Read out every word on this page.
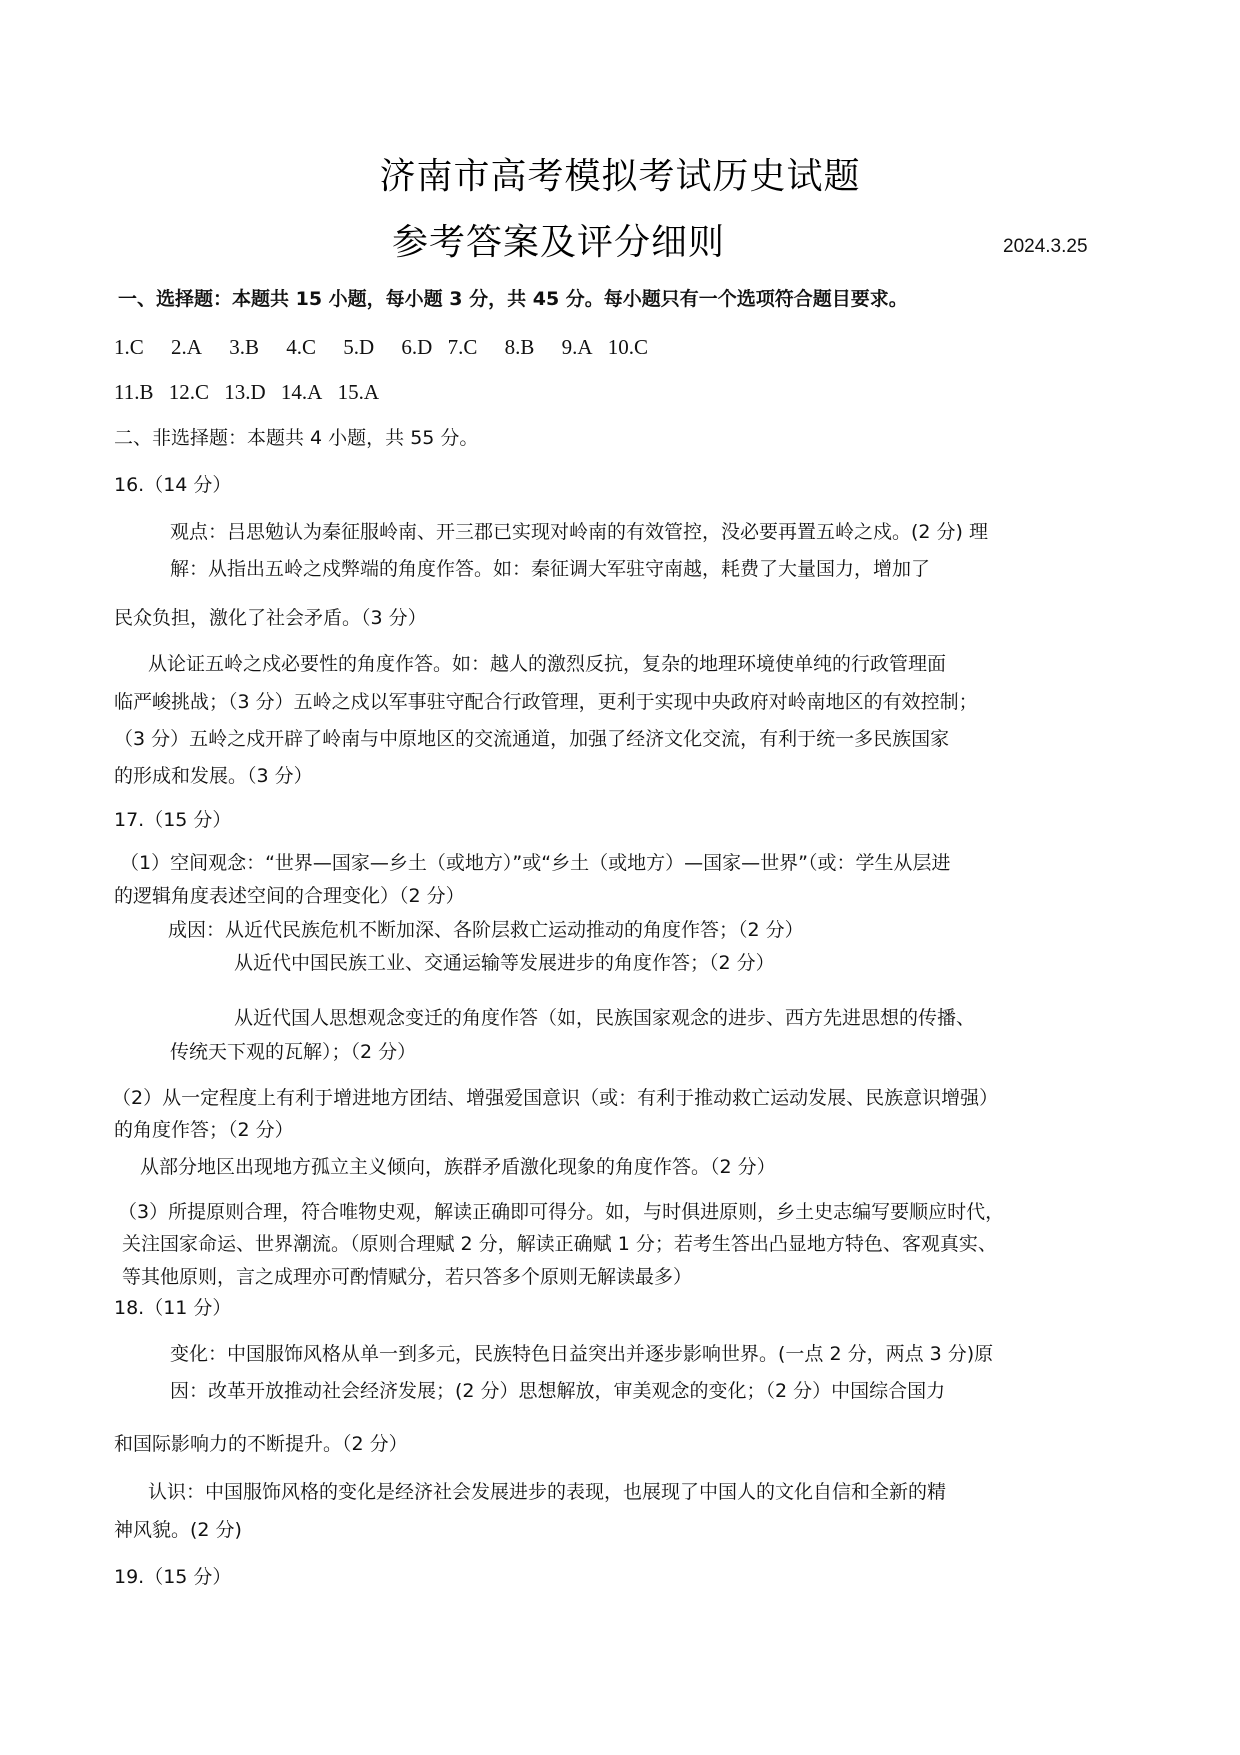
济南市高考模拟考试历史试题
参考答案及评分细则	2024.3.25
一、选择题：本题共 15 小题，每小题 3 分，共 45 分。每小题只有一个选项符合题目要求。
1.C 2.A 3.B 4.C 5.D 6.D 7.C 8.B 9.A 10.C
11.B 12.C 13.D 14.A 15.A
二、非选择题：本题共 4 小题，共 55 分。
16.（14 分）
观点：吕思勉认为秦征服岭南、开三郡已实现对岭南的有效管控，没必要再置五岭之戍。(2 分) 理
解：从指出五岭之戍弊端的角度作答。如：秦征调大军驻守南越，耗费了大量国力，增加了
民众负担，激化了社会矛盾。（3 分）
从论证五岭之戍必要性的角度作答。如：越人的激烈反抗，复杂的地理环境使单纯的行政管理面
临严峻挑战；（3 分）五岭之戍以军事驻守配合行政管理，更利于实现中央政府对岭南地区的有效控制；
（3 分）五岭之戍开辟了岭南与中原地区的交流通道，加强了经济文化交流，有利于统一多民族国家
的形成和发展。（3 分）
17.（15 分）
（1）空间观念：“世界—国家—乡土（或地方）”或“乡土（或地方）—国家—世界”（或：学生从层进
的逻辑角度表述空间的合理变化）（2 分）
成因：从近代民族危机不断加深、各阶层救亡运动推动的角度作答；（2 分）
从近代中国民族工业、交通运输等发展进步的角度作答；（2 分）
从近代国人思想观念变迁的角度作答（如，民族国家观念的进步、西方先进思想的传播、
传统天下观的瓦解）；（2 分）
（2）从一定程度上有利于增进地方团结、增强爱国意识（或：有利于推动救亡运动发展、民族意识增强）
的角度作答；（2 分）
从部分地区出现地方孤立主义倾向，族群矛盾激化现象的角度作答。（2 分）
（3）所提原则合理，符合唯物史观，解读正确即可得分。如，与时俱进原则，乡土史志编写要顺应时代，
关注国家命运、世界潮流。（原则合理赋 2 分，解读正确赋 1 分；若考生答出凸显地方特色、客观真实、
等其他原则，言之成理亦可酌情赋分，若只答多个原则无解读最多）
18.（11 分）
变化：中国服饰风格从单一到多元，民族特色日益突出并逐步影响世界。(一点 2 分，两点 3 分)原
因：改革开放推动社会经济发展；(2 分）思想解放，审美观念的变化；（2 分）中国综合国力
和国际影响力的不断提升。（2 分）
认识：中国服饰风格的变化是经济社会发展进步的表现，也展现了中国人的文化自信和全新的精
神风貌。(2 分)
19.（15 分）
